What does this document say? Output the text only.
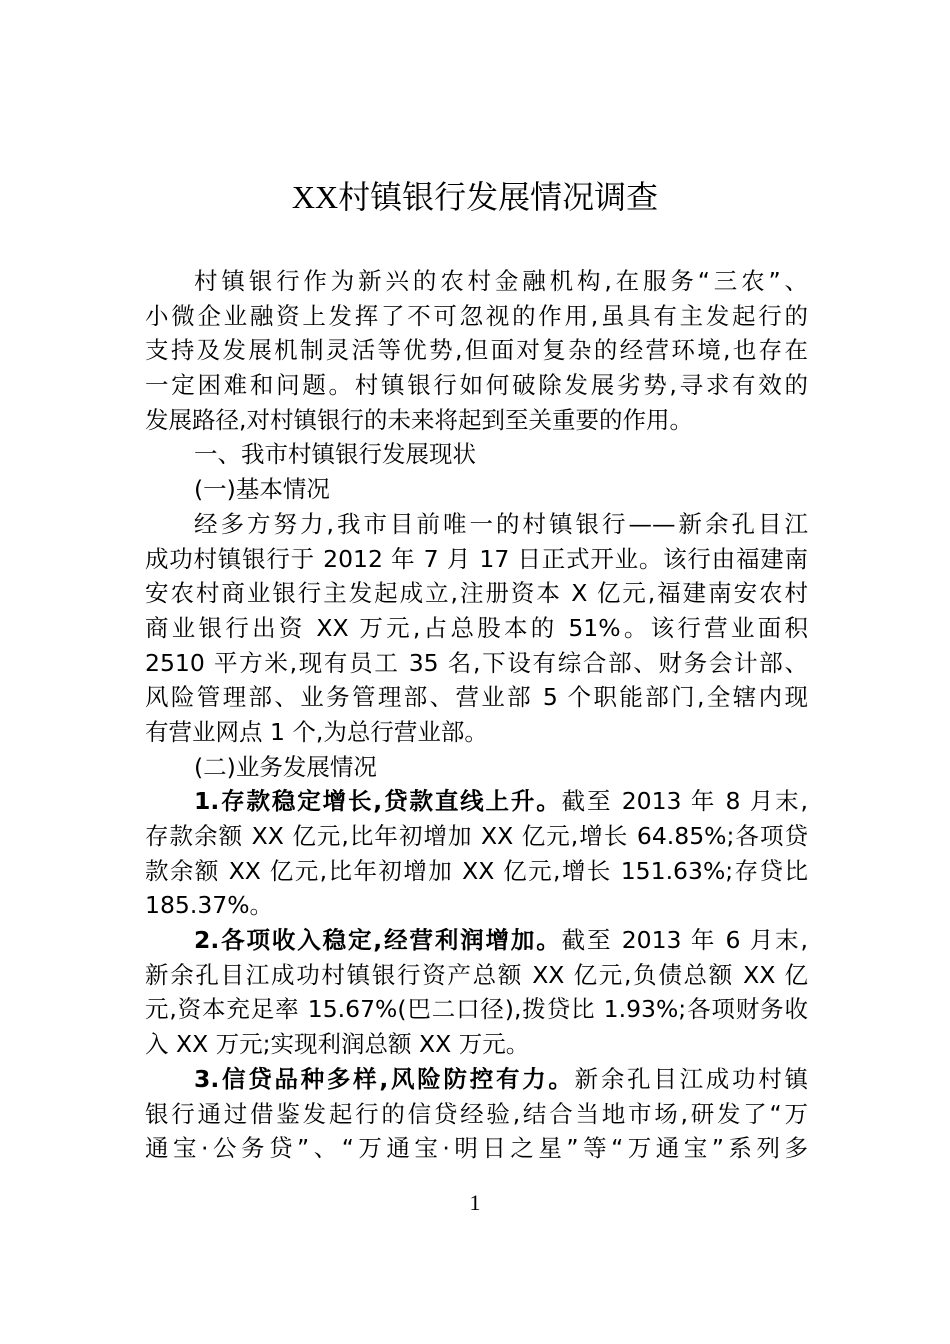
XX村镇银行发展情况调查
村镇银行作为新兴的农村金融机构,在服务“三农”、
小微企业融资上发挥了不可忽视的作用,虽具有主发起行的
支持及发展机制灵活等优势,但面对复杂的经营环境,也存在
一定困难和问题。村镇银行如何破除发展劣势,寻求有效的
发展路径,对村镇银行的未来将起到至关重要的作用。
一、我市村镇银行发展现状
(一)基本情况
经多方努力,我市目前唯一的村镇银行——新余孔目江
成功村镇银行于 2012 年 7 月 17 日正式开业。该行由福建南
安农村商业银行主发起成立,注册资本 X 亿元,福建南安农村
商业银行出资 XX 万元,占总股本的 51%。该行营业面积
2510 平方米,现有员工 35 名,下设有综合部、财务会计部、
风险管理部、业务管理部、营业部 5 个职能部门,全辖内现
有营业网点 1 个,为总行营业部。
(二)业务发展情况
1.存款稳定增长,贷款直线上升。截至 2013 年 8 月末,
存款余额 XX 亿元,比年初增加 XX 亿元,增长 64.85%;各项贷
款余额 XX 亿元,比年初增加 XX 亿元,增长 151.63%;存贷比
185.37%。
2.各项收入稳定,经营利润增加。截至 2013 年 6 月末,
新余孔目江成功村镇银行资产总额 XX 亿元,负债总额 XX 亿
元,资本充足率 15.67%(巴二口径),拨贷比 1.93%;各项财务收
入 XX 万元;实现利润总额 XX 万元。
3.信贷品种多样,风险防控有力。新余孔目江成功村镇
银行通过借鉴发起行的信贷经验,结合当地市场,研发了“万
通宝·公务贷”、“万通宝·明日之星”等“万通宝”系列多
1
